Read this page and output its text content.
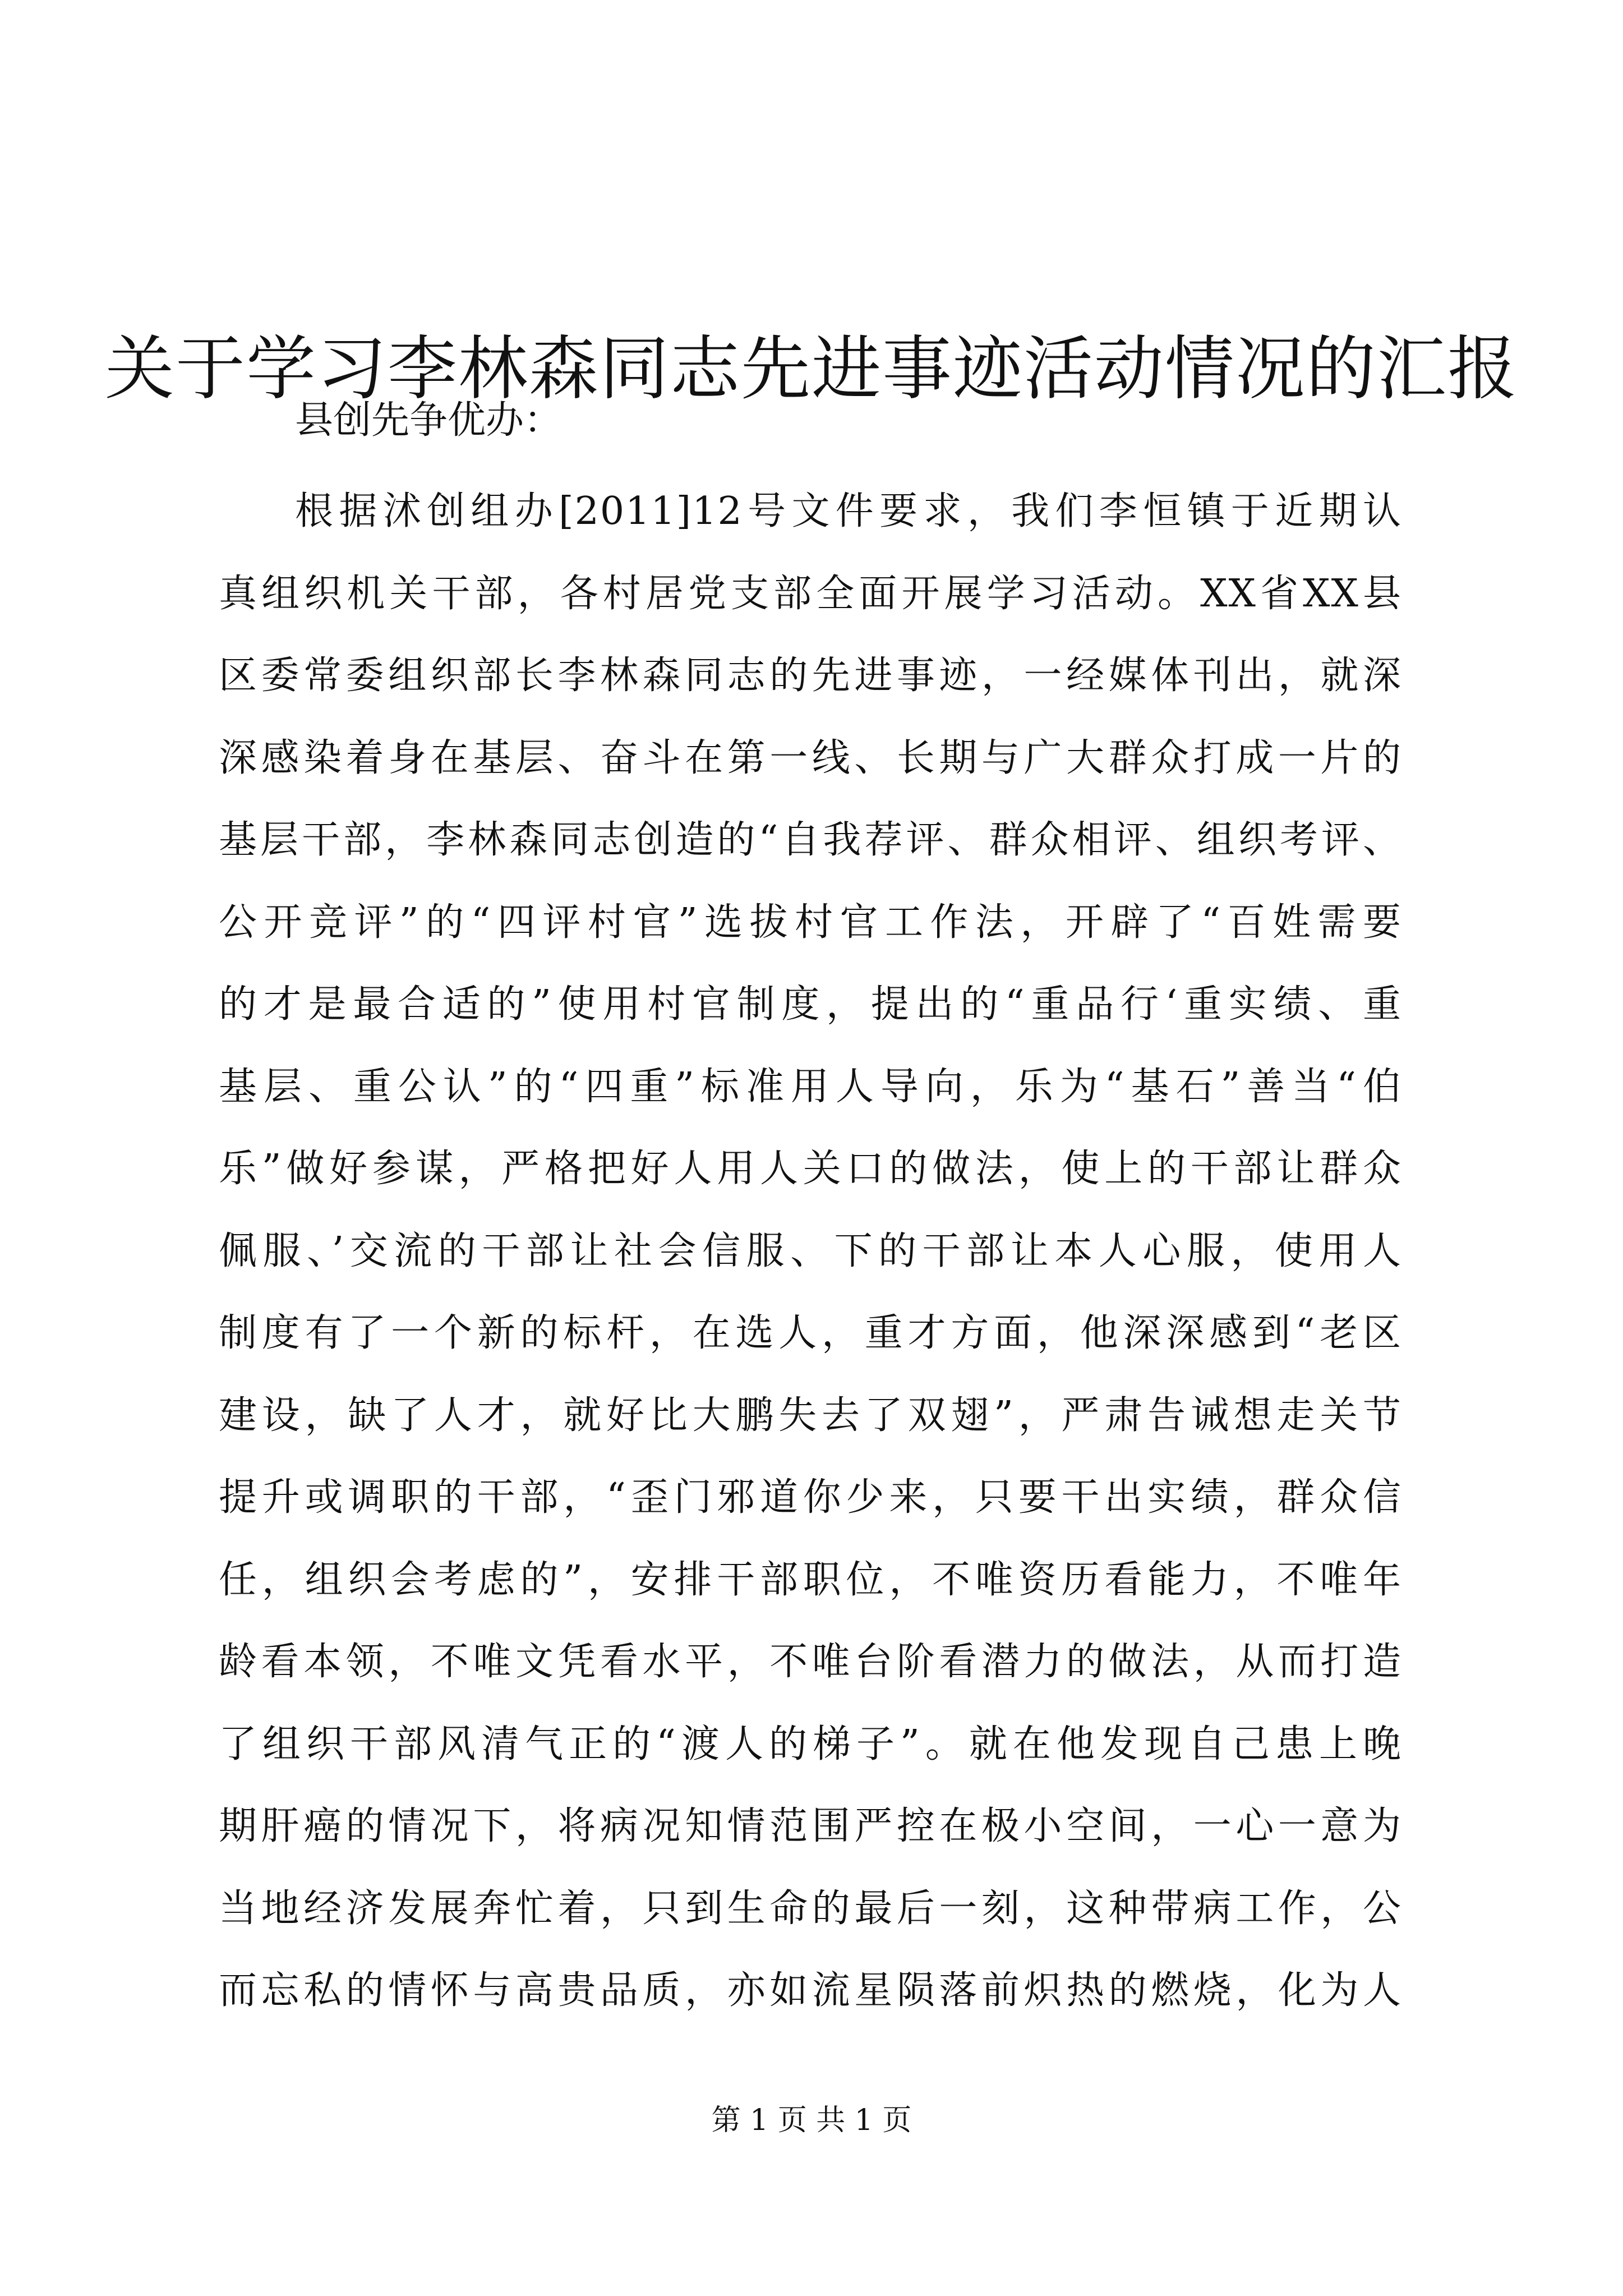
关于学习李林森同志先进事迹活动情况的汇报
县创先争优办：
根据沭创组办[2011]12号文件要求，我们李恒镇于近期认
真组织机关干部，各村居党支部全面开展学习活动。XX省XX县
区委常委组织部长李林森同志的先进事迹，一经媒体刊出，就深
深感染着身在基层、奋斗在第一线、长期与广大群众打成一片的
基层干部，李林森同志创造的“自我荐评、群众相评、组织考评、
公开竞评”的“四评村官”选拔村官工作法，开辟了“百姓需要
的才是最合适的”使用村官制度，提出的“重品行‘重实绩、重
基层、重公认”的“四重”标准用人导向，乐为“基石”善当“伯
乐”做好参谋，严格把好人用人关口的做法，使上的干部让群众
佩服、’交流的干部让社会信服、下的干部让本人心服，使用人
制度有了一个新的标杆，在选人，重才方面，他深深感到“老区
建设，缺了人才，就好比大鹏失去了双翅”，严肃告诫想走关节
提升或调职的干部，“歪门邪道你少来，只要干出实绩，群众信
任，组织会考虑的”，安排干部职位，不唯资历看能力，不唯年
龄看本领，不唯文凭看水平，不唯台阶看潜力的做法，从而打造
了组织干部风清气正的“渡人的梯子”。就在他发现自己患上晚
期肝癌的情况下，将病况知情范围严控在极小空间，一心一意为
当地经济发展奔忙着，只到生命的最后一刻，这种带病工作，公
而忘私的情怀与高贵品质，亦如流星陨落前炽热的燃烧，化为人
第 1 页 共 1 页
